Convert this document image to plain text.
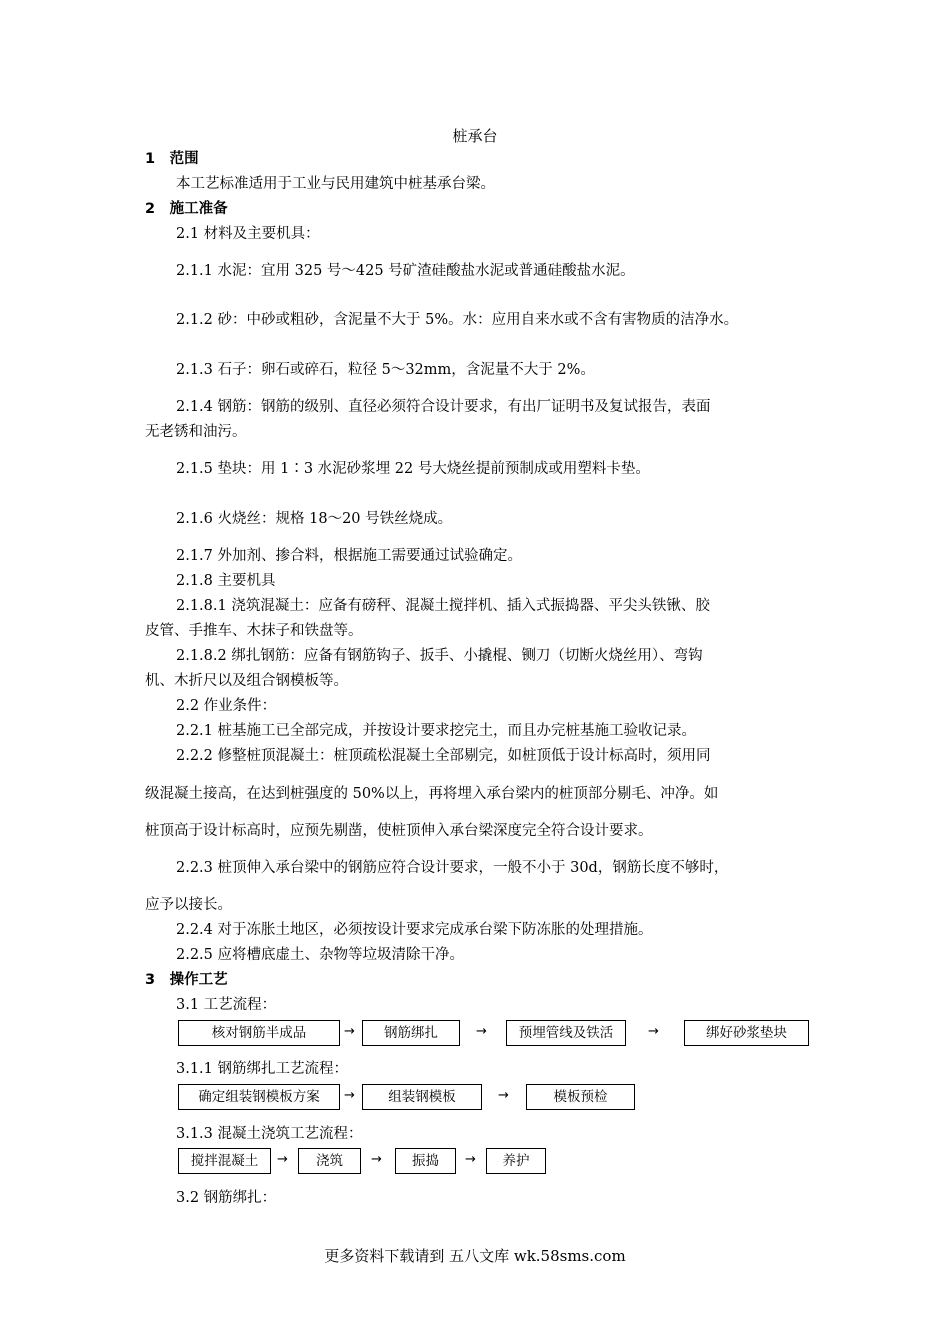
桩承台
1　范围
本工艺标准适用于工业与民用建筑中桩基承台梁。
2　施工准备
2.1 材料及主要机具：
2.1.1 水泥：宜用 325 号～425 号矿渣硅酸盐水泥或普通硅酸盐水泥。
2.1.2 砂：中砂或粗砂，含泥量不大于 5%。水：应用自来水或不含有害物质的洁净水。
2.1.3 石子：卵石或碎石，粒径 5～32mm，含泥量不大于 2%。
2.1.4 钢筋：钢筋的级别、直径必须符合设计要求，有出厂证明书及复试报告，表面
无老锈和油污。
2.1.5 垫块：用 1∶3 水泥砂浆埋 22 号大烧丝提前预制成或用塑料卡垫。
2.1.6 火烧丝：规格 18～20 号铁丝烧成。
2.1.7 外加剂、掺合料，根据施工需要通过试验确定。
2.1.8 主要机具
2.1.8.1 浇筑混凝土：应备有磅秤、混凝土搅拌机、插入式振捣器、平尖头铁锹、胶
皮管、手推车、木抹子和铁盘等。
2.1.8.2 绑扎钢筋：应备有钢筋钩子、扳手、小撬棍、铡刀（切断火烧丝用）、弯钩
机、木折尺以及组合钢模板等。
2.2 作业条件：
2.2.1 桩基施工已全部完成，并按设计要求挖完土，而且办完桩基施工验收记录。
2.2.2 修整桩顶混凝土：桩顶疏松混凝土全部剔完，如桩顶低于设计标高时，须用同
级混凝土接高，在达到桩强度的 50%以上，再将埋入承台梁内的桩顶部分剔毛、冲净。如
桩顶高于设计标高时，应预先剔凿，使桩顶伸入承台梁深度完全符合设计要求。
2.2.3 桩顶伸入承台梁中的钢筋应符合设计要求，一般不小于 30d，钢筋长度不够时，
应予以接长。
2.2.4 对于冻胀土地区，必须按设计要求完成承台梁下防冻胀的处理措施。
2.2.5 应将槽底虚土、杂物等垃圾清除干净。
3　操作工艺
3.1 工艺流程：
核对钢筋半成品	→	钢筋绑扎	→	预埋管线及铁活	→	绑好砂浆垫块
3.1.1 钢筋绑扎工艺流程：
确定组装钢模板方案	→	组装钢模板	→	模板预检
3.1.3 混凝土浇筑工艺流程：
搅拌混凝土	→	浇筑	→	振捣	→	养护
3.2 钢筋绑扎：
更多资料下载请到 五八文库 wk.58sms.com
